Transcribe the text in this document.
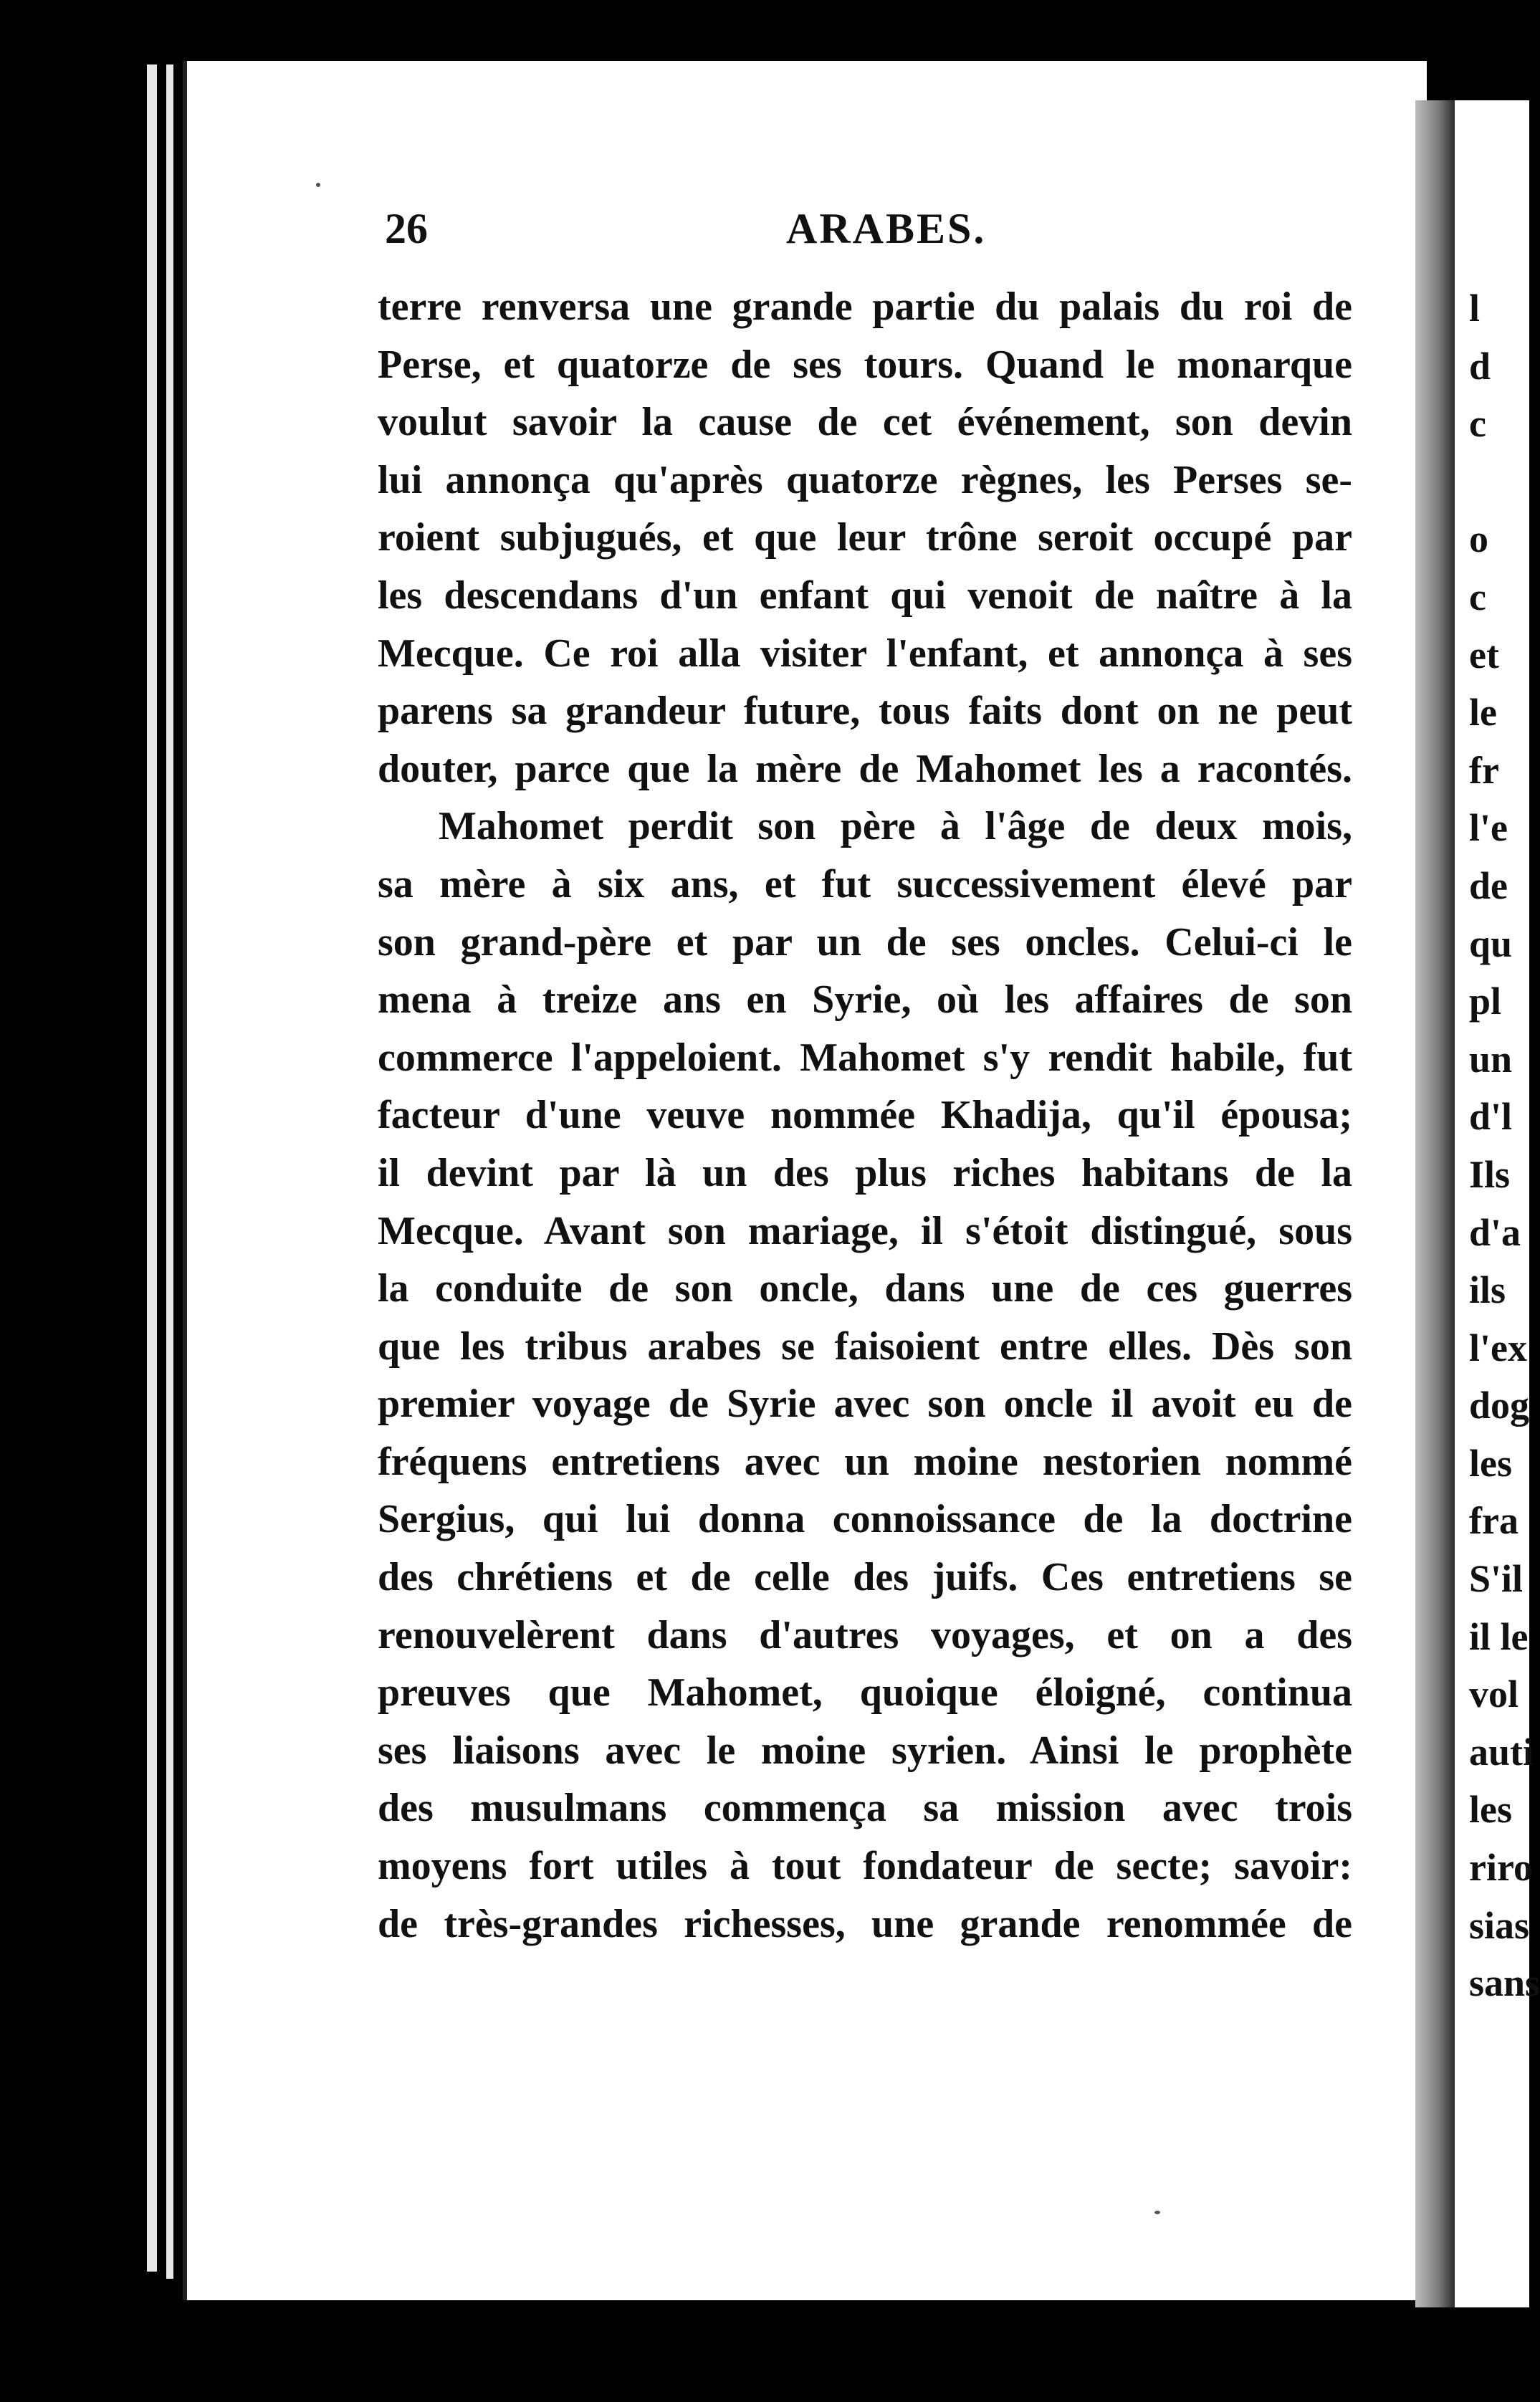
26	ARABES.
terre renversa une grande partie du palais du roi de
Perse, et quatorze de ses tours. Quand le monarque
voulut savoir la cause de cet événement, son devin
lui annonça qu'après quatorze règnes, les Perses se-
roient subjugués, et que leur trône seroit occupé par
les descendans d'un enfant qui venoit de naître à la
Mecque. Ce roi alla visiter l'enfant, et annonça à ses
parens sa grandeur future, tous faits dont on ne peut
douter, parce que la mère de Mahomet les a racontés.
Mahomet perdit son père à l'âge de deux mois,
sa mère à six ans, et fut successivement élevé par
son grand-père et par un de ses oncles. Celui-ci le
mena à treize ans en Syrie, où les affaires de son
commerce l'appeloient. Mahomet s'y rendit habile, fut
facteur d'une veuve nommée Khadija, qu'il épousa;
il devint par là un des plus riches habitans de la
Mecque. Avant son mariage, il s'étoit distingué, sous
la conduite de son oncle, dans une de ces guerres
que les tribus arabes se faisoient entre elles. Dès son
premier voyage de Syrie avec son oncle il avoit eu de
fréquens entretiens avec un moine nestorien nommé
Sergius, qui lui donna connoissance de la doctrine
des chrétiens et de celle des juifs. Ces entretiens se
renouvelèrent dans d'autres voyages, et on a des
preuves que Mahomet, quoique éloigné, continua
ses liaisons avec le moine syrien. Ainsi le prophète
des musulmans commença sa mission avec trois
moyens fort utiles à tout fondateur de secte; savoir:
de très-grandes richesses, une grande renommée de
l
d
c
o
c
et
le
fr
l'e
de
qu
pl
un
d'l
Ils
d'a
ils
l'ex
dog
les
fra
S'il
il le
vol
auti
les
riro
sias
sans
